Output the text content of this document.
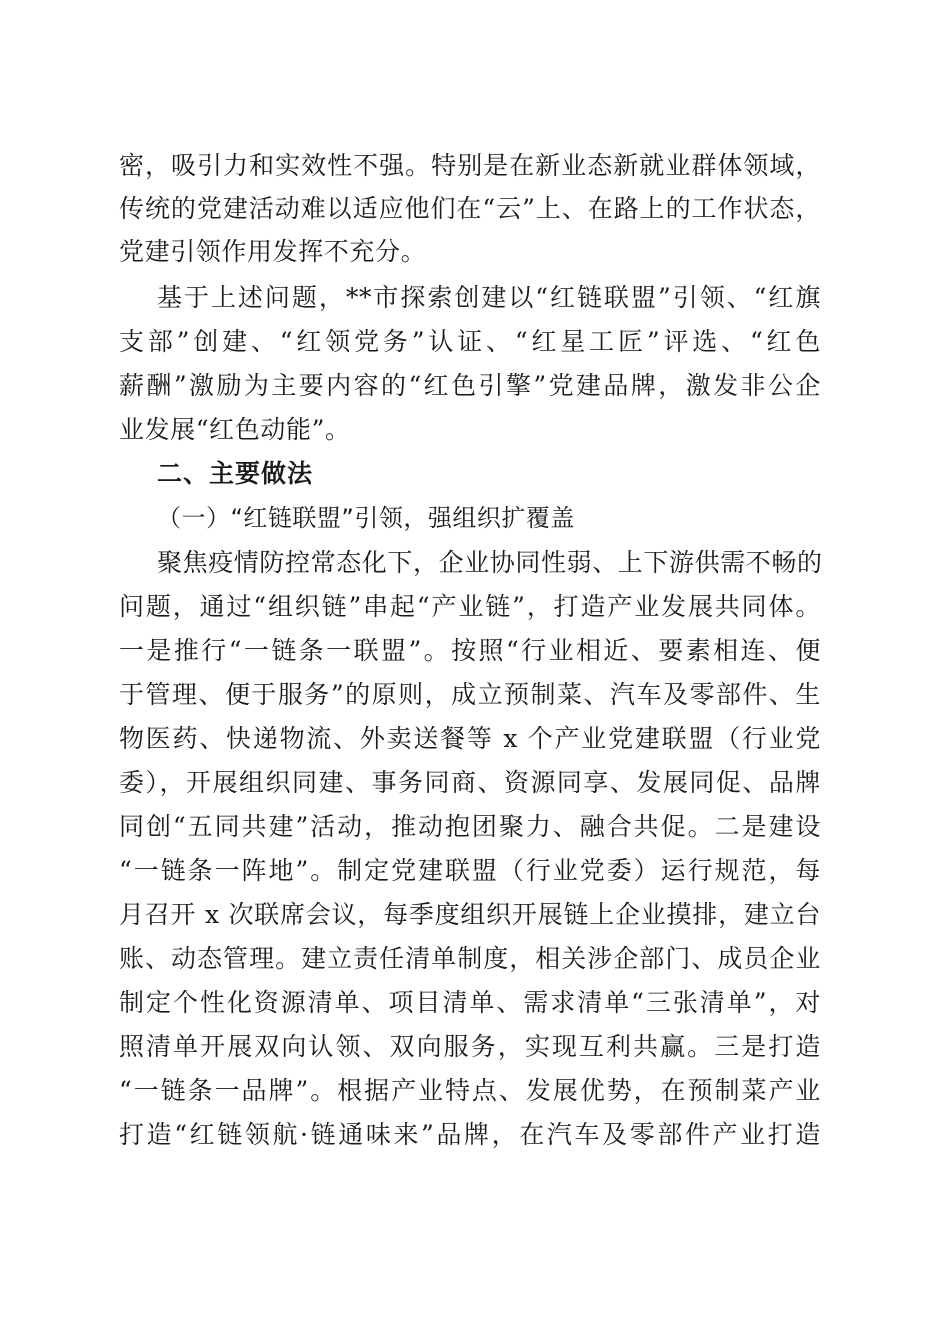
密，吸引力和实效性不强。特别是在新业态新就业群体领域，
传统的党建活动难以适应他们在“云”上、在路上的工作状态，
党建引领作用发挥不充分。
基于上述问题，**市探索创建以“红链联盟”引领、“红旗
支部”创建、“红领党务”认证、“红星工匠”评选、“红色
薪酬”激励为主要内容的“红色引擎”党建品牌，激发非公企
业发展“红色动能”。
二、主要做法
（一）“红链联盟”引领，强组织扩覆盖
聚焦疫情防控常态化下，企业协同性弱、上下游供需不畅的
问题，通过“组织链”串起“产业链”，打造产业发展共同体。
一是推行“一链条一联盟”。按照“行业相近、要素相连、便
于管理、便于服务”的原则，成立预制菜、汽车及零部件、生
物医药、快递物流、外卖送餐等 x 个产业党建联盟（行业党
委），开展组织同建、事务同商、资源同享、发展同促、品牌
同创“五同共建”活动，推动抱团聚力、融合共促。二是建设
“一链条一阵地”。制定党建联盟（行业党委）运行规范，每
月召开 x 次联席会议，每季度组织开展链上企业摸排，建立台
账、动态管理。建立责任清单制度，相关涉企部门、成员企业
制定个性化资源清单、项目清单、需求清单“三张清单”，对
照清单开展双向认领、双向服务，实现互利共赢。三是打造
“一链条一品牌”。根据产业特点、发展优势，在预制菜产业
打造“红链领航·链通味来”品牌，在汽车及零部件产业打造
